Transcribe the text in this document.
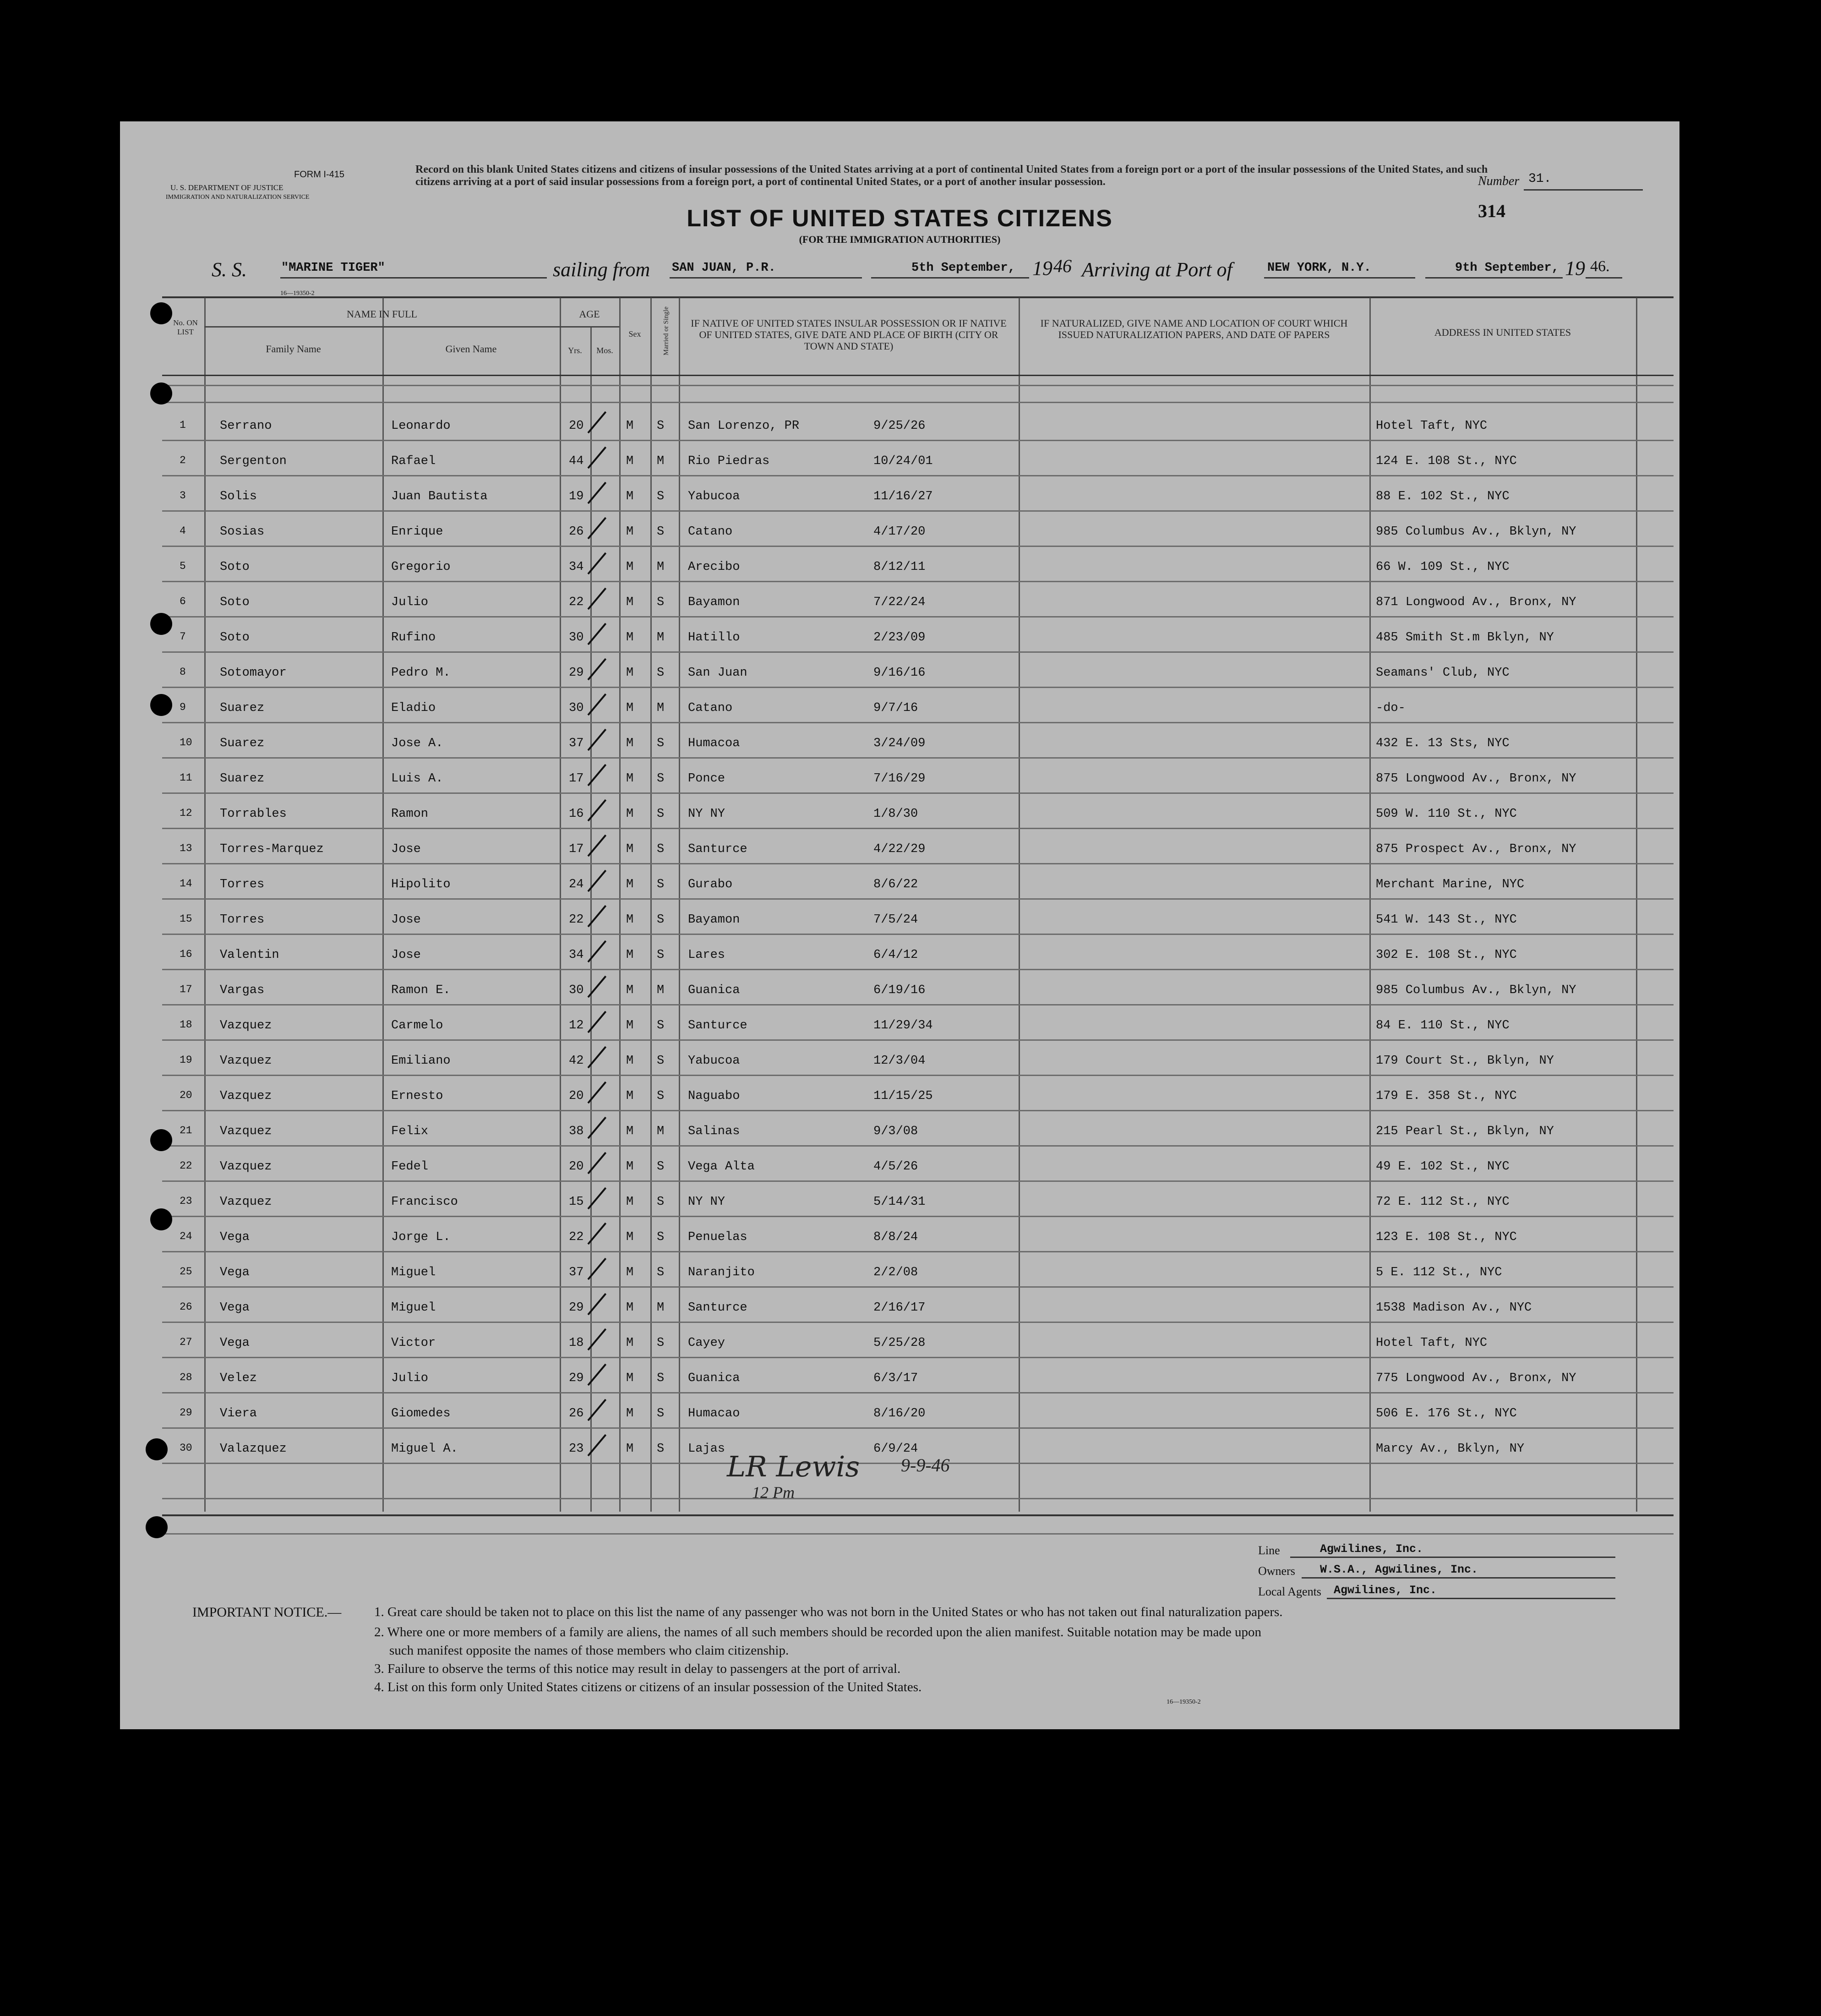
FORM I-415
U. S. DEPARTMENT OF JUSTICE
IMMIGRATION AND NATURALIZATION SERVICE
Record on this blank United States citizens and citizens of insular possessions of the United States arriving at a port of continental United States from a foreign port or a port of the insular possessions of the United States, and such citizens arriving at a port of said insular possessions from a foreign port, a port of continental United States, or a port of another insular possession.
LIST OF UNITED STATES CITIZENS
(FOR THE IMMIGRATION AUTHORITIES)
Number 31.
314
S. S.	"MARINE TIGER"	sailing from SAN JUAN, P.R.	5th September, 19 46 Arriving at Port of	NEW YORK, N.Y.	9th September, 19 46.
16—19350-2
No. ON LIST
NAME IN FULL
Family Name	Given Name
AGE
Yrs.	Mos.
Sex	Married or Single	IF NATIVE OF UNITED STATES INSULAR POSSESSION OR IF NATIVE OF UNITED STATES, GIVE DATE AND PLACE OF BIRTH (CITY OR TOWN AND STATE)
IF NATURALIZED, GIVE NAME AND LOCATION OF COURT WHICH ISSUED NATURALIZATION PAPERS, AND DATE OF PAPERS	ADDRESS IN UNITED STATES
1	Serrano	Leonardo	20	M S San Lorenzo, PR	9/25/26	Hotel Taft, NYC
2	Sergenton	Rafael	44	M M Rio Piedras	10/24/01	124 E. 108 St., NYC
3	Solis	Juan Bautista	19	M S Yabucoa	11/16/27	88 E. 102 St., NYC
4	Sosias	Enrique	26	M S Catano	4/17/20	985 Columbus Av., Bklyn, NY
5	Soto	Gregorio	34	M M Arecibo	8/12/11	66 W. 109 St., NYC
6	Soto	Julio	22	M S Bayamon	7/22/24	871 Longwood Av., Bronx, NY
7	Soto	Rufino	30	M M Hatillo	2/23/09	485 Smith St.m Bklyn, NY
8	Sotomayor	Pedro M.	29	M S San Juan	9/16/16	Seamans' Club, NYC
9	Suarez	Eladio	30	M M Catano	9/7/16	-do-
10 Suarez	Jose A.	37	M S Humacoa	3/24/09	432 E. 13 Sts, NYC
11 Suarez	Luis A.	17	M S Ponce	7/16/29	875 Longwood Av., Bronx, NY
12 Torrables	Ramon	16	M S NY NY	1/8/30	509 W. 110 St., NYC
13 Torres-Marquez	Jose	17	M S Santurce	4/22/29	875 Prospect Av., Bronx, NY
14 Torres	Hipolito	24	M S Gurabo	8/6/22	Merchant Marine, NYC
15 Torres	Jose	22	M S Bayamon	7/5/24	541 W. 143 St., NYC
16 Valentin	Jose	34	M S Lares	6/4/12	302 E. 108 St., NYC
17 Vargas	Ramon E.	30	M M Guanica	6/19/16	985 Columbus Av., Bklyn, NY
18 Vazquez	Carmelo	12	M S Santurce	11/29/34	84 E. 110 St., NYC
19 Vazquez	Emiliano	42	M S Yabucoa	12/3/04	179 Court St., Bklyn, NY
20 Vazquez	Ernesto	20	M S Naguabo	11/15/25	179 E. 358 St., NYC
21 Vazquez	Felix	38	M M Salinas	9/3/08	215 Pearl St., Bklyn, NY
22 Vazquez	Fedel	20	M S Vega Alta	4/5/26	49 E. 102 St., NYC
23 Vazquez	Francisco	15	M S NY NY	5/14/31	72 E. 112 St., NYC
24 Vega	Jorge L.	22	M S Penuelas	8/8/24	123 E. 108 St., NYC
25 Vega	Miguel	37	M S Naranjito	2/2/08	5 E. 112 St., NYC
26 Vega	Miguel	29	M M Santurce	2/16/17	1538 Madison Av., NYC
27 Vega	Victor	18	M S Cayey	5/25/28	Hotel Taft, NYC
28 Velez	Julio	29	M S Guanica	6/3/17	775 Longwood Av., Bronx, NY
29 Viera	Giomedes	26	M S Humacao	8/16/20	506 E. 176 St., NYC
30 Valazquez	Miguel A.	23	M S Lajas	6/9/24	Marcy Av., Bklyn, NY
LR Lewis 9-9-46
12 Pm
Line	Agwilines, Inc.
Owners W.S.A., Agwilines, Inc.
Local Agents Agwilines, Inc.
IMPORTANT NOTICE.— 1. Great care should be taken not to place on this list the name of any passenger who was not born in the United States or who has not taken out final naturalization papers.
2. Where one or more members of a family are aliens, the names of all such members should be recorded upon the alien manifest. Suitable notation may be made upon
such manifest opposite the names of those members who claim citizenship.
3. Failure to observe the terms of this notice may result in delay to passengers at the port of arrival.
4. List on this form only United States citizens or citizens of an insular possession of the United States.
16—19350-2
